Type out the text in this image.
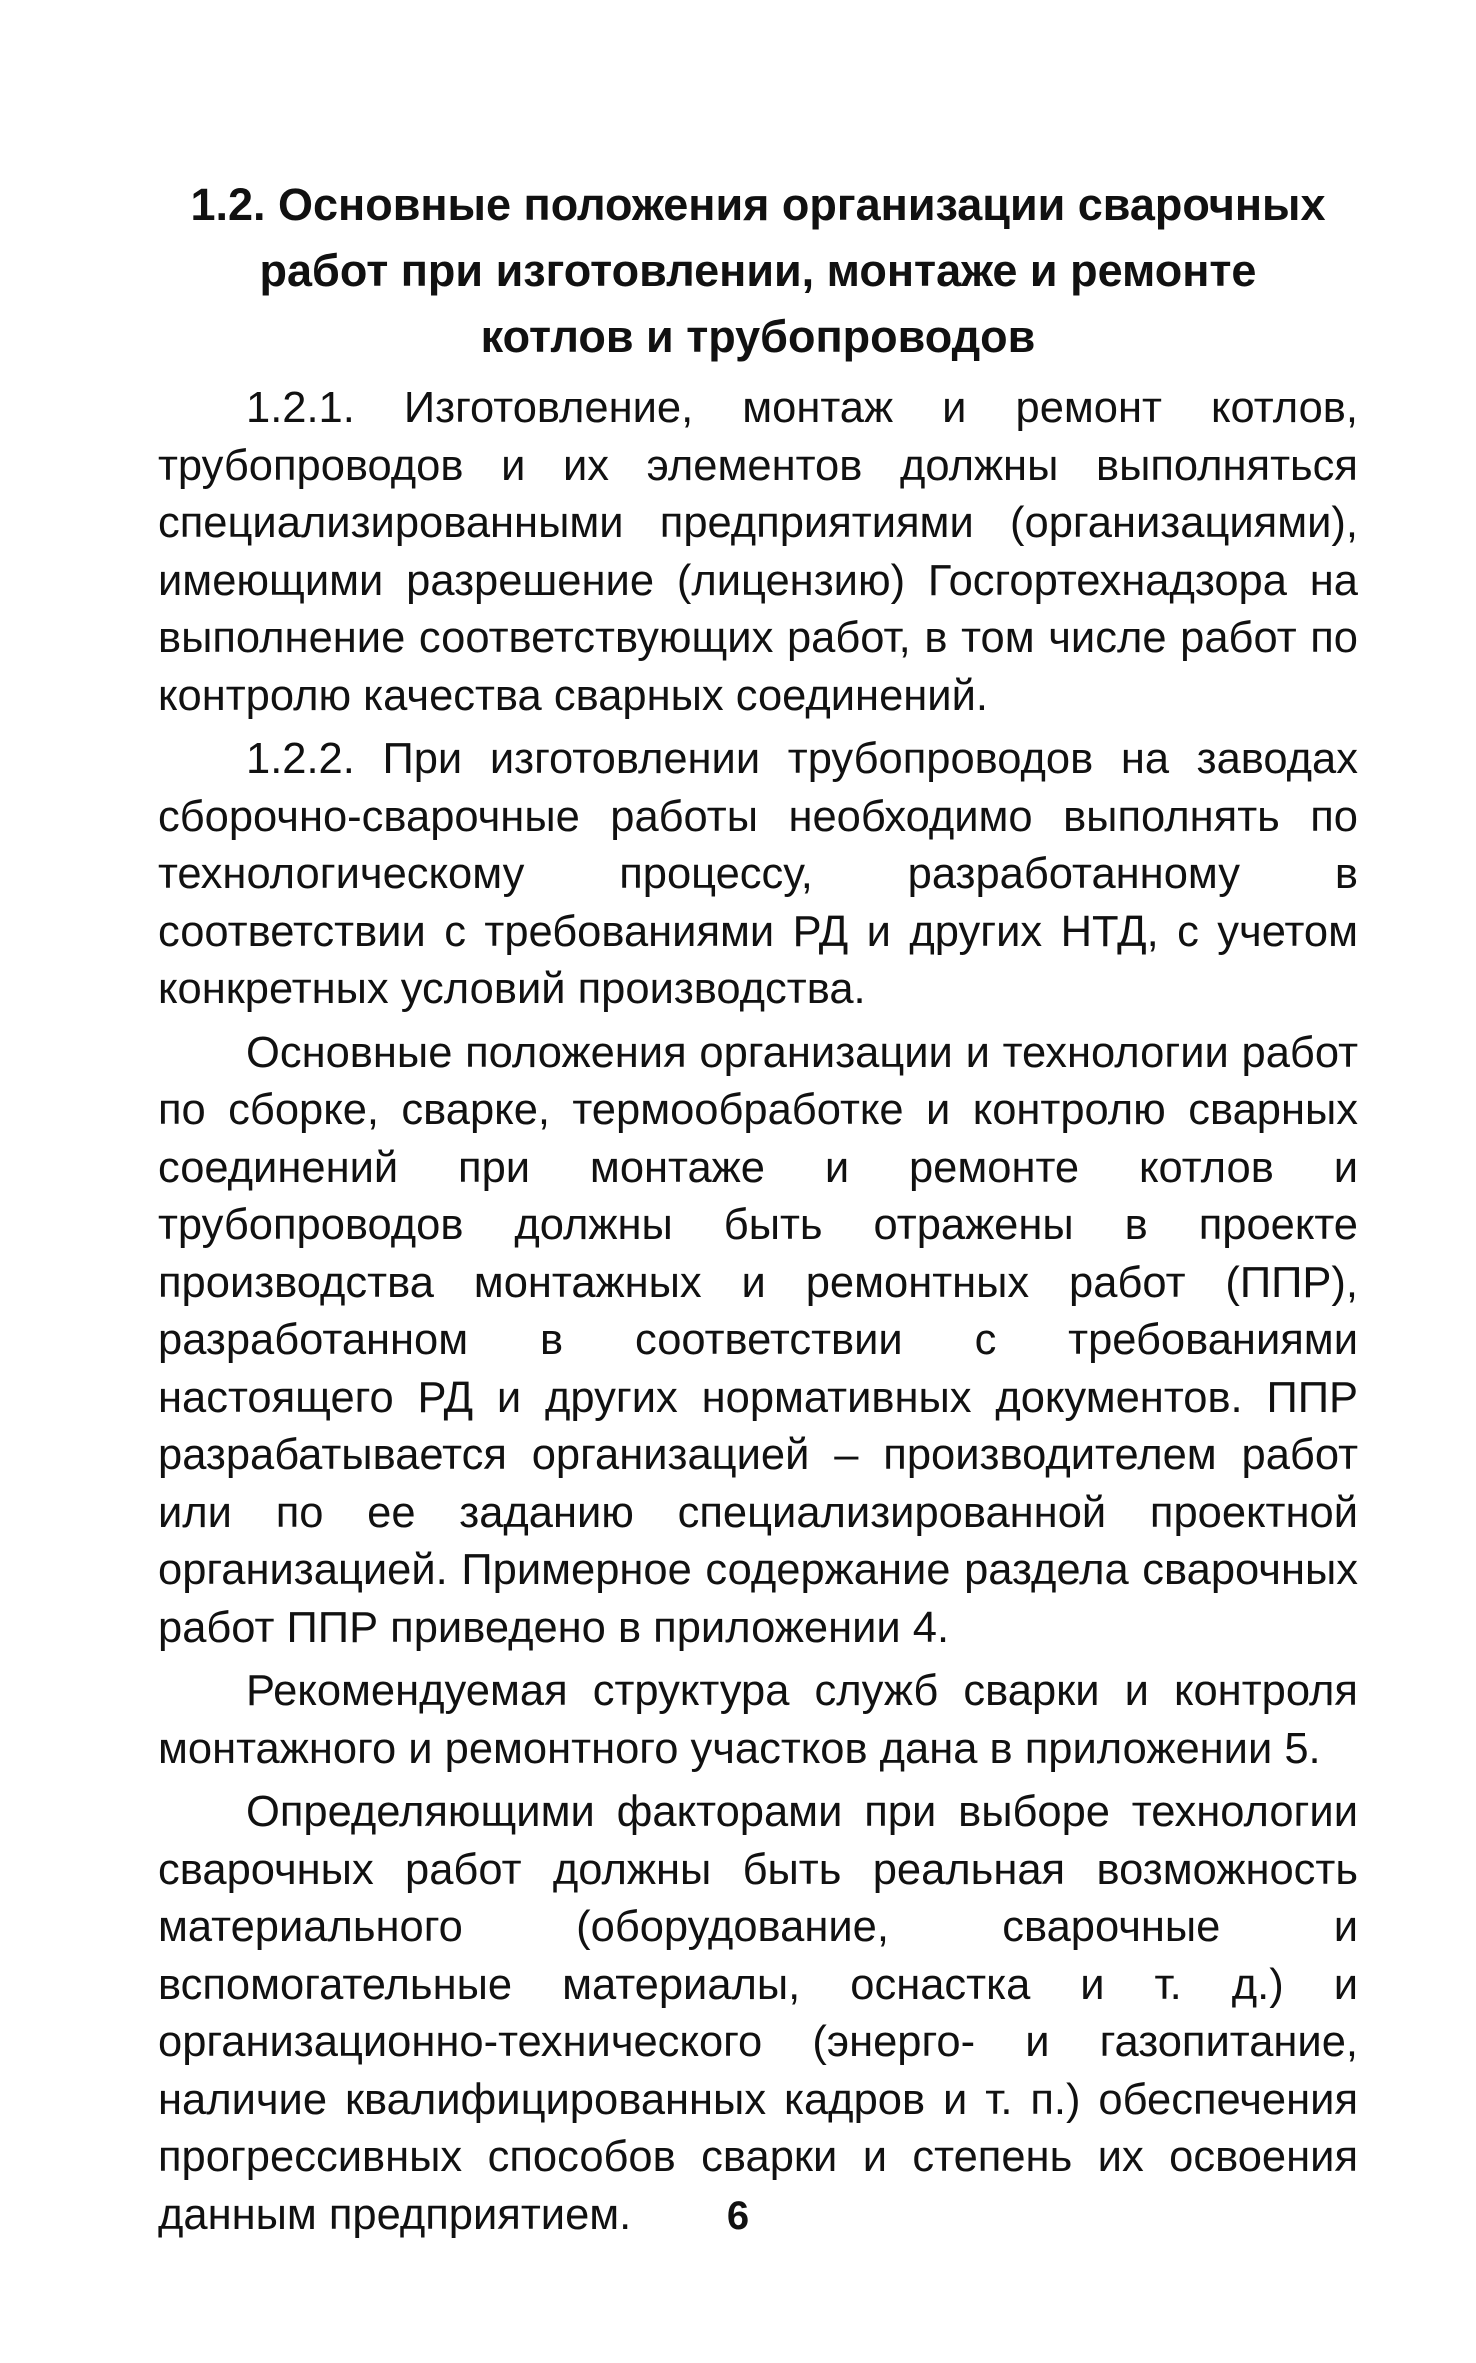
1.2. Основные положения организации сварочных
работ при изготовлении, монтаже и ремонте
котлов и трубопроводов

1.2.1. Изготовление, монтаж и ремонт котлов, трубопроводов и их элементов должны выполняться специализированными предприятиями (организациями), имеющими разрешение (лицензию) Госгортехнадзора на выполнение соответствующих работ, в том числе работ по контролю качества сварных соединений.

1.2.2. При изготовлении трубопроводов на заводах сборочно-сварочные работы необходимо выполнять по технологическому процессу, разработанному в соответствии с требованиями РД и других НТД, с учетом конкретных условий производства.

Основные положения организации и технологии работ по сборке, сварке, термообработке и контролю сварных соединений при монтаже и ремонте котлов и трубопроводов должны быть отражены в проекте производства монтажных и ремонтных работ (ППР), разработанном в соответствии с требованиями настоящего РД и других нормативных документов. ППР разрабатывается организацией – производителем работ или по ее заданию специализированной проектной организацией. Примерное содержание раздела сварочных работ ППР приведено в приложении 4.

Рекомендуемая структура служб сварки и контроля монтажного и ремонтного участков дана в приложении 5.

Определяющими факторами при выборе технологии сварочных работ должны быть реальная возможность материального (оборудование, сварочные и вспомогательные материалы, оснастка и т. д.) и организационно-технического (энерго- и газопитание, наличие квалифицированных кадров и т. п.) обеспечения прогрессивных способов сварки и степень их освоения данным предприятием.	6
